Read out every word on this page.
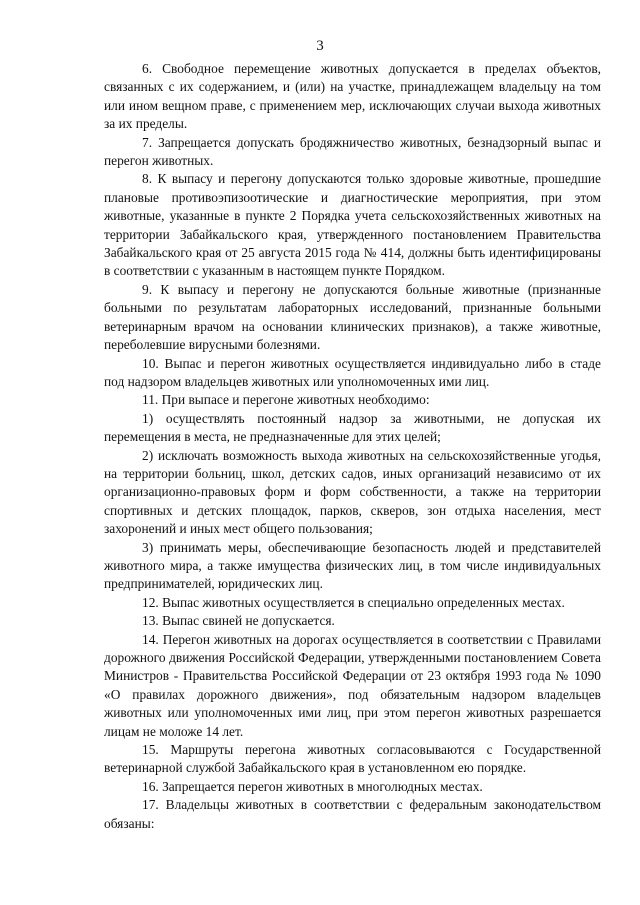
3

6. Свободное перемещение животных допускается в пределах объектов, связанных с их содержанием, и (или) на участке, принадлежащем владельцу на том или ином вещном праве, с применением мер, исключающих случаи выхода животных за их пределы.

7. Запрещается допускать бродяжничество животных, безнадзорный выпас и перегон животных.

8. К выпасу и перегону допускаются только здоровые животные, прошедшие плановые противоэпизоотические и диагностические мероприятия, при этом животные, указанные в пункте 2 Порядка учета сельскохозяйственных животных на территории Забайкальского края, утвержденного постановлением Правительства Забайкальского края от 25 августа 2015 года № 414, должны быть идентифицированы в соответствии с указанным в настоящем пункте Порядком.

9. К выпасу и перегону не допускаются больные животные (признанные больными по результатам лабораторных исследований, признанные больными ветеринарным врачом на основании клинических признаков), а также животные, переболевшие вирусными болезнями.

10. Выпас и перегон животных осуществляется индивидуально либо в стаде под надзором владельцев животных или уполномоченных ими лиц.

11. При выпасе и перегоне животных необходимо:

1) осуществлять постоянный надзор за животными, не допуская их перемещения в места, не предназначенные для этих целей;

2) исключать возможность выхода животных на сельскохозяйственные угодья, на территории больниц, школ, детских садов, иных организаций независимо от их организационно-правовых форм и форм собственности, а также на территории спортивных и детских площадок, парков, скверов, зон отдыха населения, мест захоронений и иных мест общего пользования;

3) принимать меры, обеспечивающие безопасность людей и представителей животного мира, а также имущества физических лиц, в том числе индивидуальных предпринимателей, юридических лиц.

12. Выпас животных осуществляется в специально определенных местах.

13. Выпас свиней не допускается.

14. Перегон животных на дорогах осуществляется в соответствии с Правилами дорожного движения Российской Федерации, утвержденными постановлением Совета Министров - Правительства Российской Федерации от 23 октября 1993 года № 1090 «О правилах дорожного движения», под обязательным надзором владельцев животных или уполномоченных ими лиц, при этом перегон животных разрешается лицам не моложе 14 лет.

15. Маршруты перегона животных согласовываются с Государственной ветеринарной службой Забайкальского края в установленном ею порядке.

16. Запрещается перегон животных в многолюдных местах.

17. Владельцы животных в соответствии с федеральным законодательством обязаны:
